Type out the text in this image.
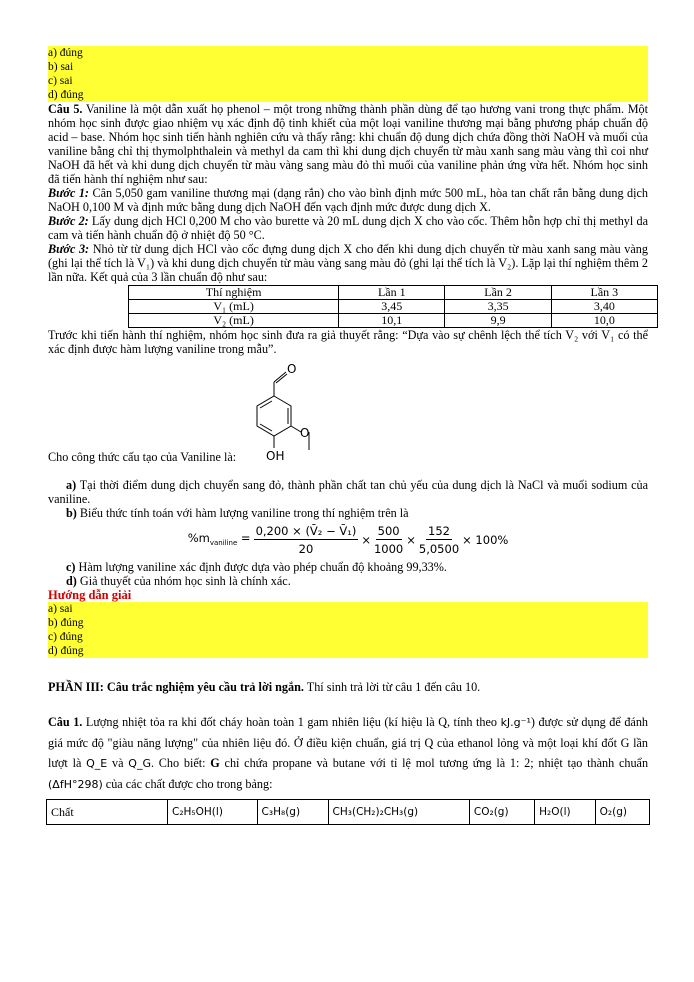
a) đúng
b) sai
c) sai
d) đúng

Câu 5. Vaniline là một dẫn xuất họ phenol – một trong những thành phần dùng để tạo hương vani trong thực phẩm. Một nhóm học sinh được giao nhiệm vụ xác định độ tinh khiết của một loại vaniline thương mại bằng phương pháp chuẩn độ acid – base. Nhóm học sinh tiến hành nghiên cứu và thấy rằng: khi chuẩn độ dung dịch chứa đồng thời NaOH và muối của vaniline bằng chỉ thị thymolphthalein và methyl da cam thì khi dung dịch chuyển từ màu xanh sang màu vàng thì coi như NaOH đã hết và khi dung dịch chuyển từ màu vàng sang màu đỏ thì muối của vaniline phản ứng vừa hết. Nhóm học sinh đã tiến hành thí nghiệm như sau:

Bước 1: Cân 5,050 gam vaniline thương mại (dạng rắn) cho vào bình định mức 500 mL, hòa tan chất rắn bằng dung dịch NaOH 0,100 M và định mức bằng dung dịch NaOH đến vạch định mức được dung dịch X.

Bước 2: Lấy dung dịch HCl 0,200 M cho vào burette và 20 mL dung dịch X cho vào cốc. Thêm hỗn hợp chỉ thị methyl da cam và tiến hành chuẩn độ ở nhiệt độ 50 °C.

Bước 3: Nhỏ từ từ dung dịch HCl vào cốc đựng dung dịch X cho đến khi dung dịch chuyển từ màu xanh sang màu vàng (ghi lại thể tích là V₁) và khi dung dịch chuyển từ màu vàng sang màu đỏ (ghi lại thể tích là V₂). Lặp lại thí nghiệm thêm 2 lần nữa. Kết quả của 3 lần chuẩn độ như sau:

Thí nghiệm	Lần 1	Lần 2	Lần 3
V₁ (mL)	3,45	3,35	3,40
V₂ (mL)	10,1	9,9	10,0

Trước khi tiến hành thí nghiệm, nhóm học sinh đưa ra giả thuyết rằng: “Dựa vào sự chênh lệch thể tích V₂ với V₁ có thể xác định được hàm lượng vaniline trong mẫu”.

Cho công thức cấu tạo của Vaniline là:
O
O
OH

a) Tại thời điểm dung dịch chuyển sang đỏ, thành phần chất tan chủ yếu của dung dịch là NaCl và muối sodium của vaniline.

b) Biểu thức tính toán với hàm lượng vaniline trong thí nghiệm trên là

$\%m_{vaniline} = \frac{\text{0,200 × (V̄₂ − V̄₁)}}{20} \times \frac{500}{1000} \times \frac{152}{5,0500} \times 100\%$

c) Hàm lượng vaniline xác định được dựa vào phép chuẩn độ khoảng 99,33%.

d) Giả thuyết của nhóm học sinh là chính xác.

Hướng dẫn giải
a) sai
b) đúng
c) đúng
d) đúng

PHẦN III: Câu trắc nghiệm yêu cầu trả lời ngắn. Thí sinh trả lời từ câu 1 đến câu 10.

Câu 1. Lượng nhiệt tỏa ra khi đốt cháy hoàn toàn 1 gam nhiên liệu (kí hiệu là Q, tính theo kJ.g⁻¹) được sử dụng để đánh giá mức độ "giàu năng lượng" của nhiên liệu đó. Ở điều kiện chuẩn, giá trị Q của ethanol lỏng và một loại khí đốt G lần lượt là Q_E và Q_G. Cho biết: G chỉ chứa propane và butane với tỉ lệ mol tương ứng là 1: 2; nhiệt tạo thành chuẩn (ΔfH°298) của các chất được cho trong bảng:

Chất	C₂H₅OH(l)	C₃H₈(g)	CH₃(CH₂)₂CH₃(g)	CO₂(g)	H₂O(l)	O₂(g)
